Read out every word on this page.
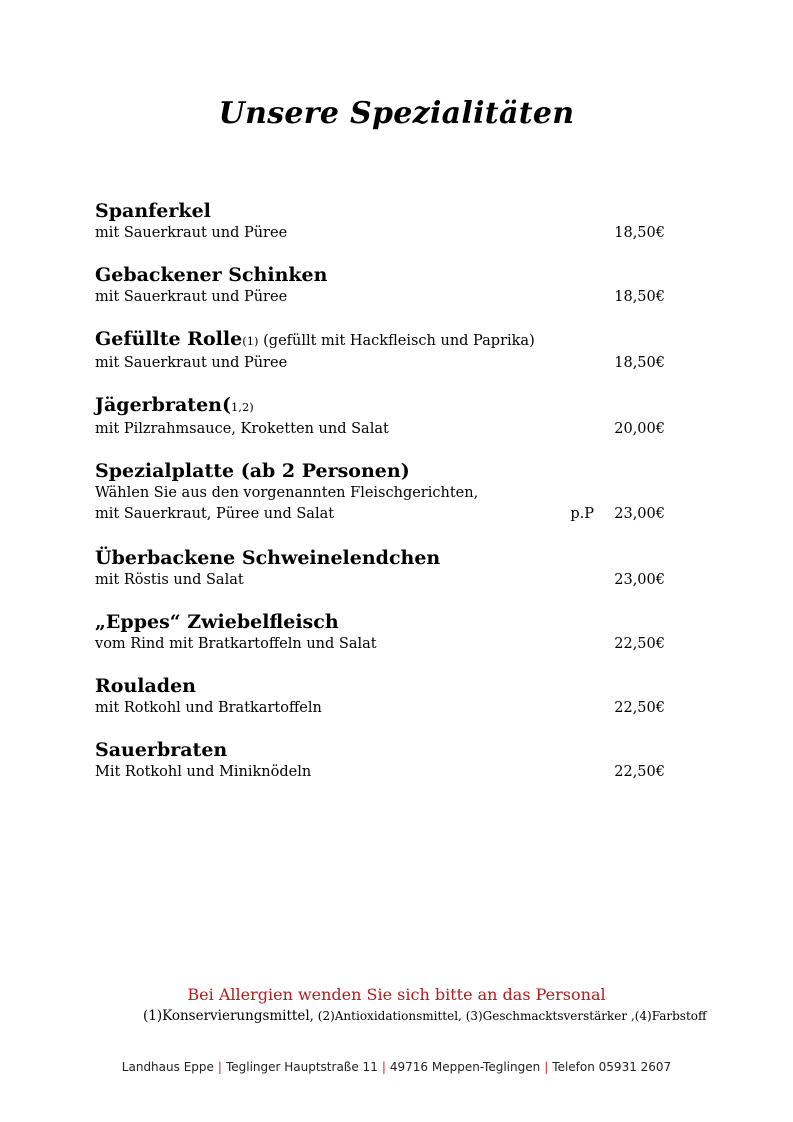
Unsere Spezialitäten
Spanferkel
mit Sauerkraut und Püree	18,50€
Gebackener Schinken
mit Sauerkraut und Püree	18,50€
Gefüllte Rolle(1) (gefüllt mit Hackfleisch und Paprika)
mit Sauerkraut und Püree	18,50€
Jägerbraten(1,2)
mit Pilzrahmsauce, Kroketten und Salat	20,00€
Spezialplatte (ab 2 Personen)
Wählen Sie aus den vorgenannten Fleischgerichten,
mit Sauerkraut, Püree und Salat	p.P 23,00€
Überbackene Schweinelendchen
mit Röstis und Salat	23,00€
„Eppes“ Zwiebelfleisch
vom Rind mit Bratkartoffeln und Salat	22,50€
Rouladen
mit Rotkohl und Bratkartoffeln	22,50€
Sauerbraten
Mit Rotkohl und Miniknödeln	22,50€
Bei Allergien wenden Sie sich bitte an das Personal
(1)Konservierungsmittel, (2)Antioxidationsmittel, (3)Geschmacktsverstärker ,(4)Farbstoff
Landhaus Eppe | Teglinger Hauptstraße 11 | 49716 Meppen-Teglingen | Telefon 05931 2607
